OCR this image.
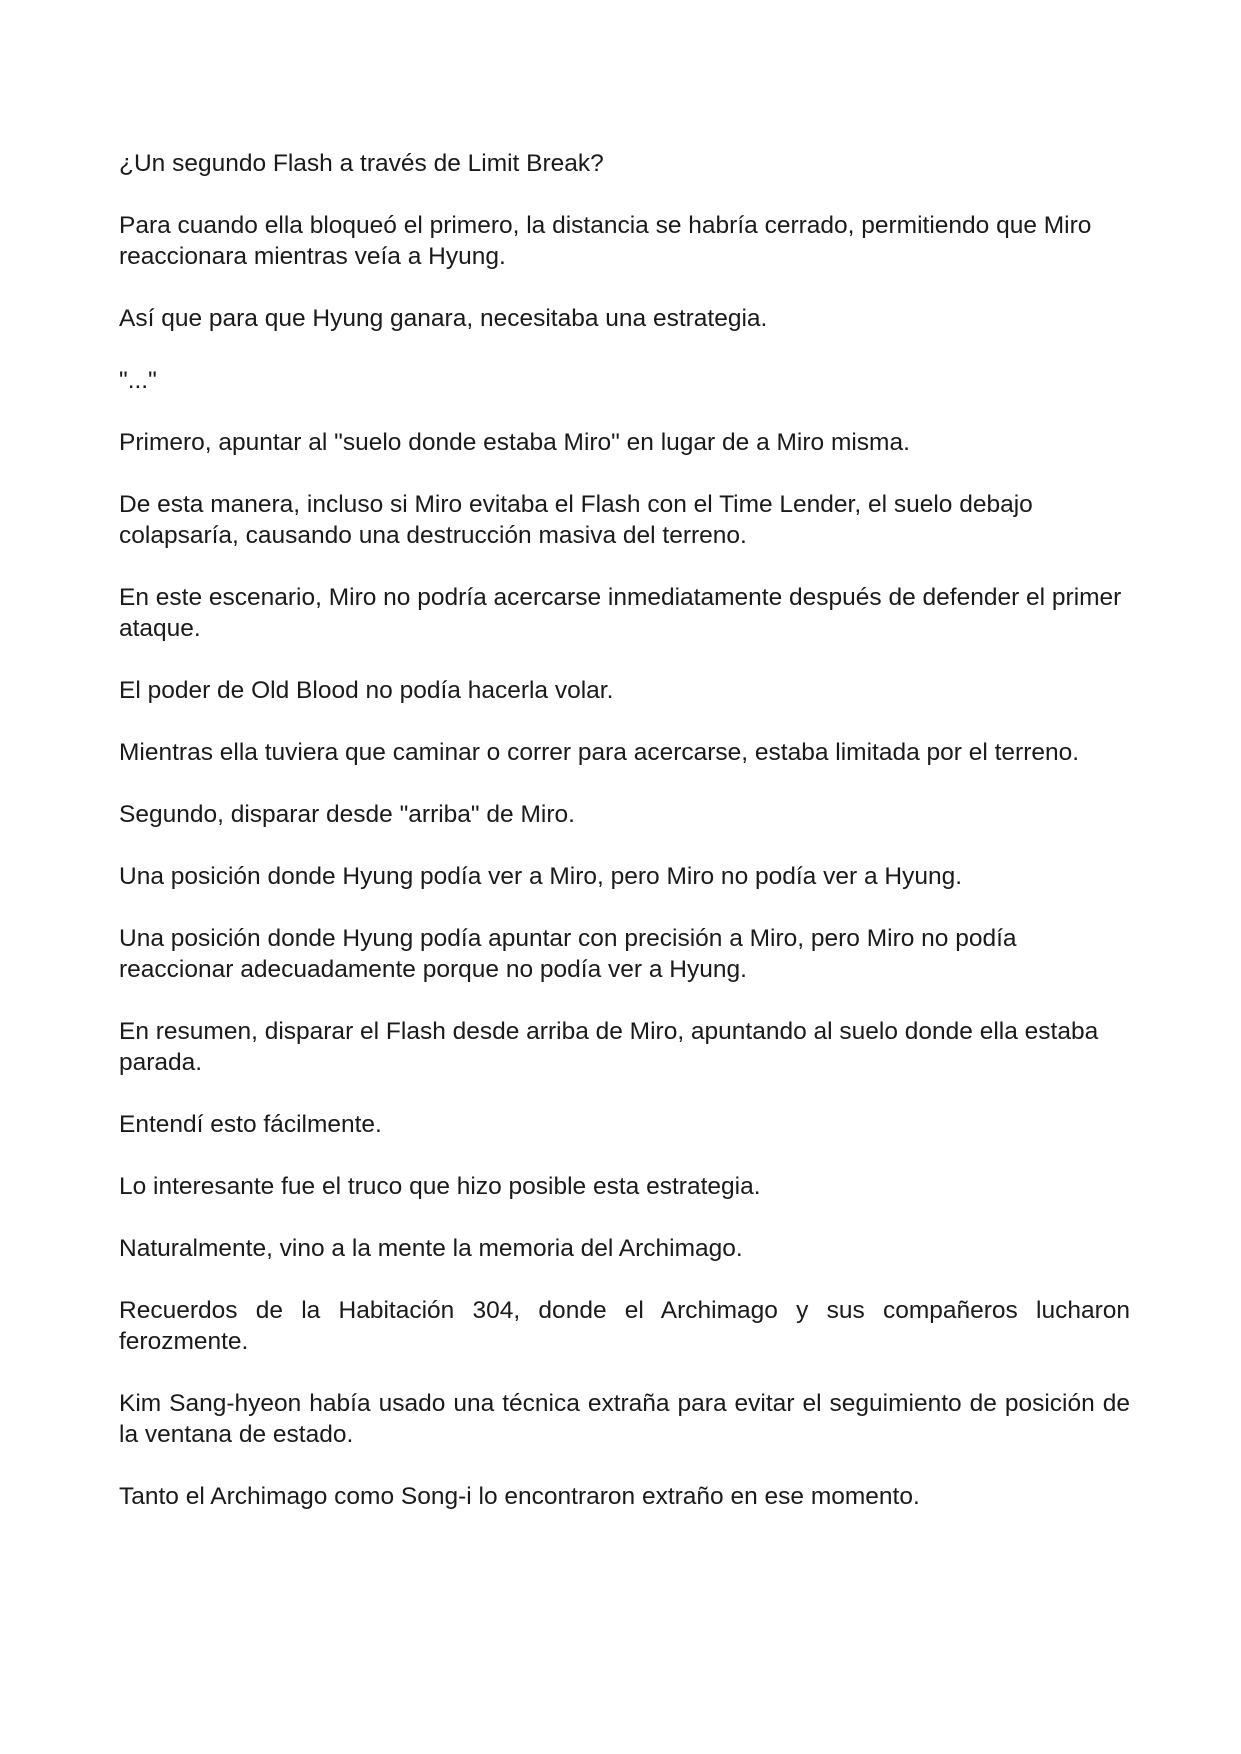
¿Un segundo Flash a través de Limit Break?

Para cuando ella bloqueó el primero, la distancia se habría cerrado, permitiendo que Miro reaccionara mientras veía a Hyung.

Así que para que Hyung ganara, necesitaba una estrategia.

"..."

Primero, apuntar al "suelo donde estaba Miro" en lugar de a Miro misma.

De esta manera, incluso si Miro evitaba el Flash con el Time Lender, el suelo debajo colapsaría, causando una destrucción masiva del terreno.

En este escenario, Miro no podría acercarse inmediatamente después de defender el primer ataque.

El poder de Old Blood no podía hacerla volar.

Mientras ella tuviera que caminar o correr para acercarse, estaba limitada por el terreno.

Segundo, disparar desde "arriba" de Miro.

Una posición donde Hyung podía ver a Miro, pero Miro no podía ver a Hyung.

Una posición donde Hyung podía apuntar con precisión a Miro, pero Miro no podía reaccionar adecuadamente porque no podía ver a Hyung.

En resumen, disparar el Flash desde arriba de Miro, apuntando al suelo donde ella estaba parada.

Entendí esto fácilmente.

Lo interesante fue el truco que hizo posible esta estrategia.

Naturalmente, vino a la mente la memoria del Archimago.

Recuerdos de la Habitación 304, donde el Archimago y sus compañeros lucharon ferozmente.

Kim Sang-hyeon había usado una técnica extraña para evitar el seguimiento de posición de la ventana de estado.

Tanto el Archimago como Song-i lo encontraron extraño en ese momento.
